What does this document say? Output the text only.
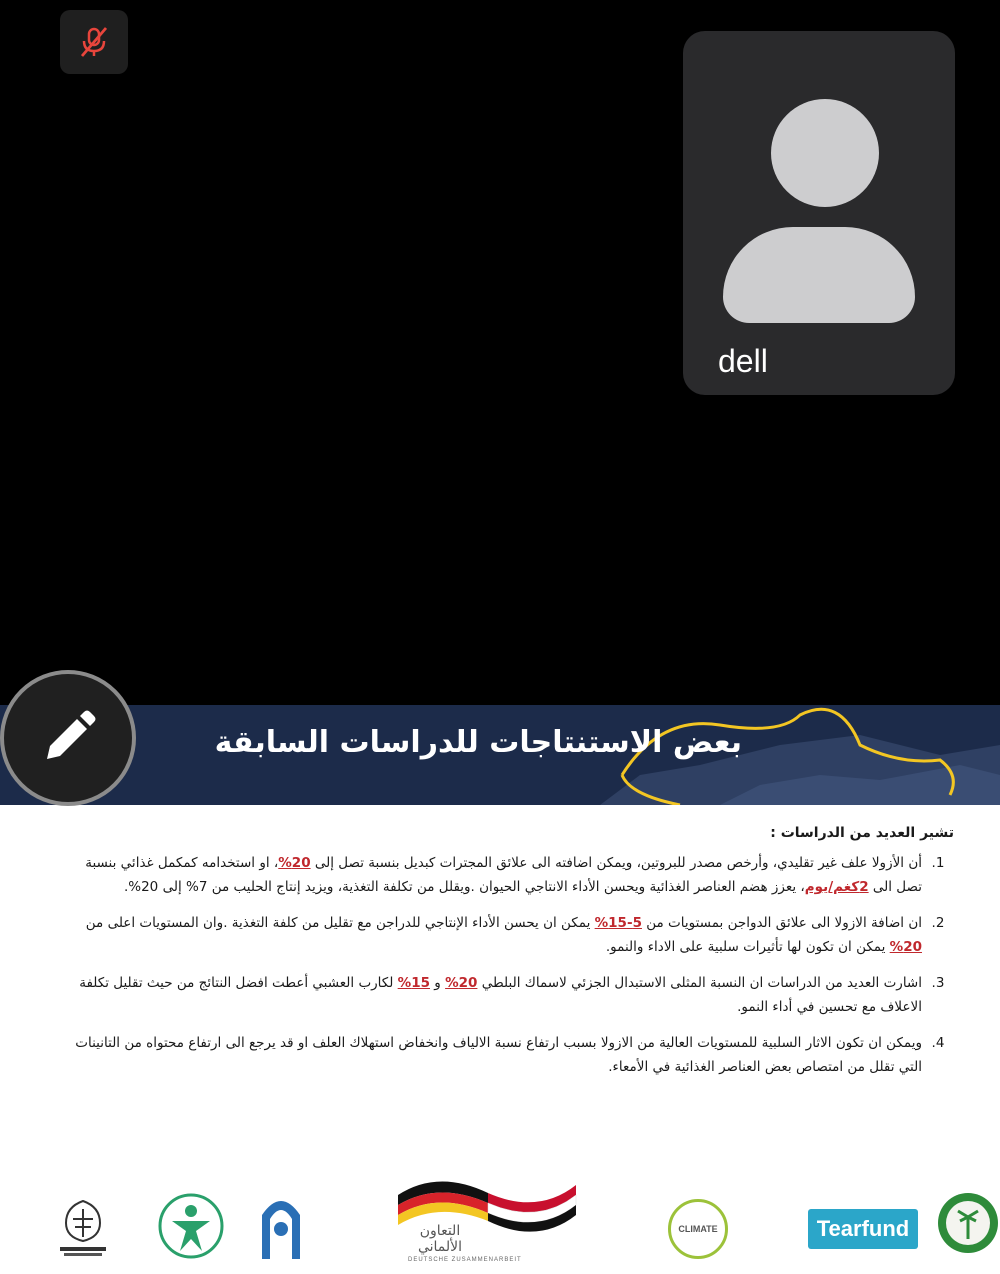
dell
بعض الاستنتاجات للدراسات السابقة
تشير العديد من الدراسات :
1.
أن الأزولا علف غير تقليدي، وأرخص مصدر للبروتين، ويمكن اضافته الى علائق المجترات كبديل بنسبة تصل إلى 20%، او استخدامه كمكمل غذائي بنسبة تصل الى 2كغم/يوم، يعزز هضم العناصر الغذائية ويحسن الأداء الانتاجي الحيوان .ويقلل من تكلفة التغذية، ويزيد إنتاج الحليب من 7% إلى 20%.
2.
ان اضافة الازولا الى علائق الدواجن بمستويات من 5-15% يمكن ان يحسن الأداء الإنتاجي للدراجن مع تقليل من كلفة التغذية .وان المستويات اعلى من 20% يمكن ان تكون لها تأثيرات سلبية على الاداء والنمو.
3.
اشارت العديد من الدراسات ان النسبة المثلى الاستبدال الجزئي لاسماك البلطي 20% و 15% لكارب العشبي أعطت افضل النتائج من حيث تقليل تكلفة الاعلاف مع تحسين في أداء النمو.
4.
ويمكن ان تكون الاثار السلبية للمستويات العالية من الازولا بسبب ارتفاع نسبة الالياف وانخفاض استهلاك العلف او قد يرجع الى ارتفاع محتواه من التانينات التي تقلل من امتصاص بعض العناصر الغذائية في الأمعاء.
Tearfund
CLIMATE
التعاون الألماني
DEUTSCHE ZUSAMMENARBEIT
